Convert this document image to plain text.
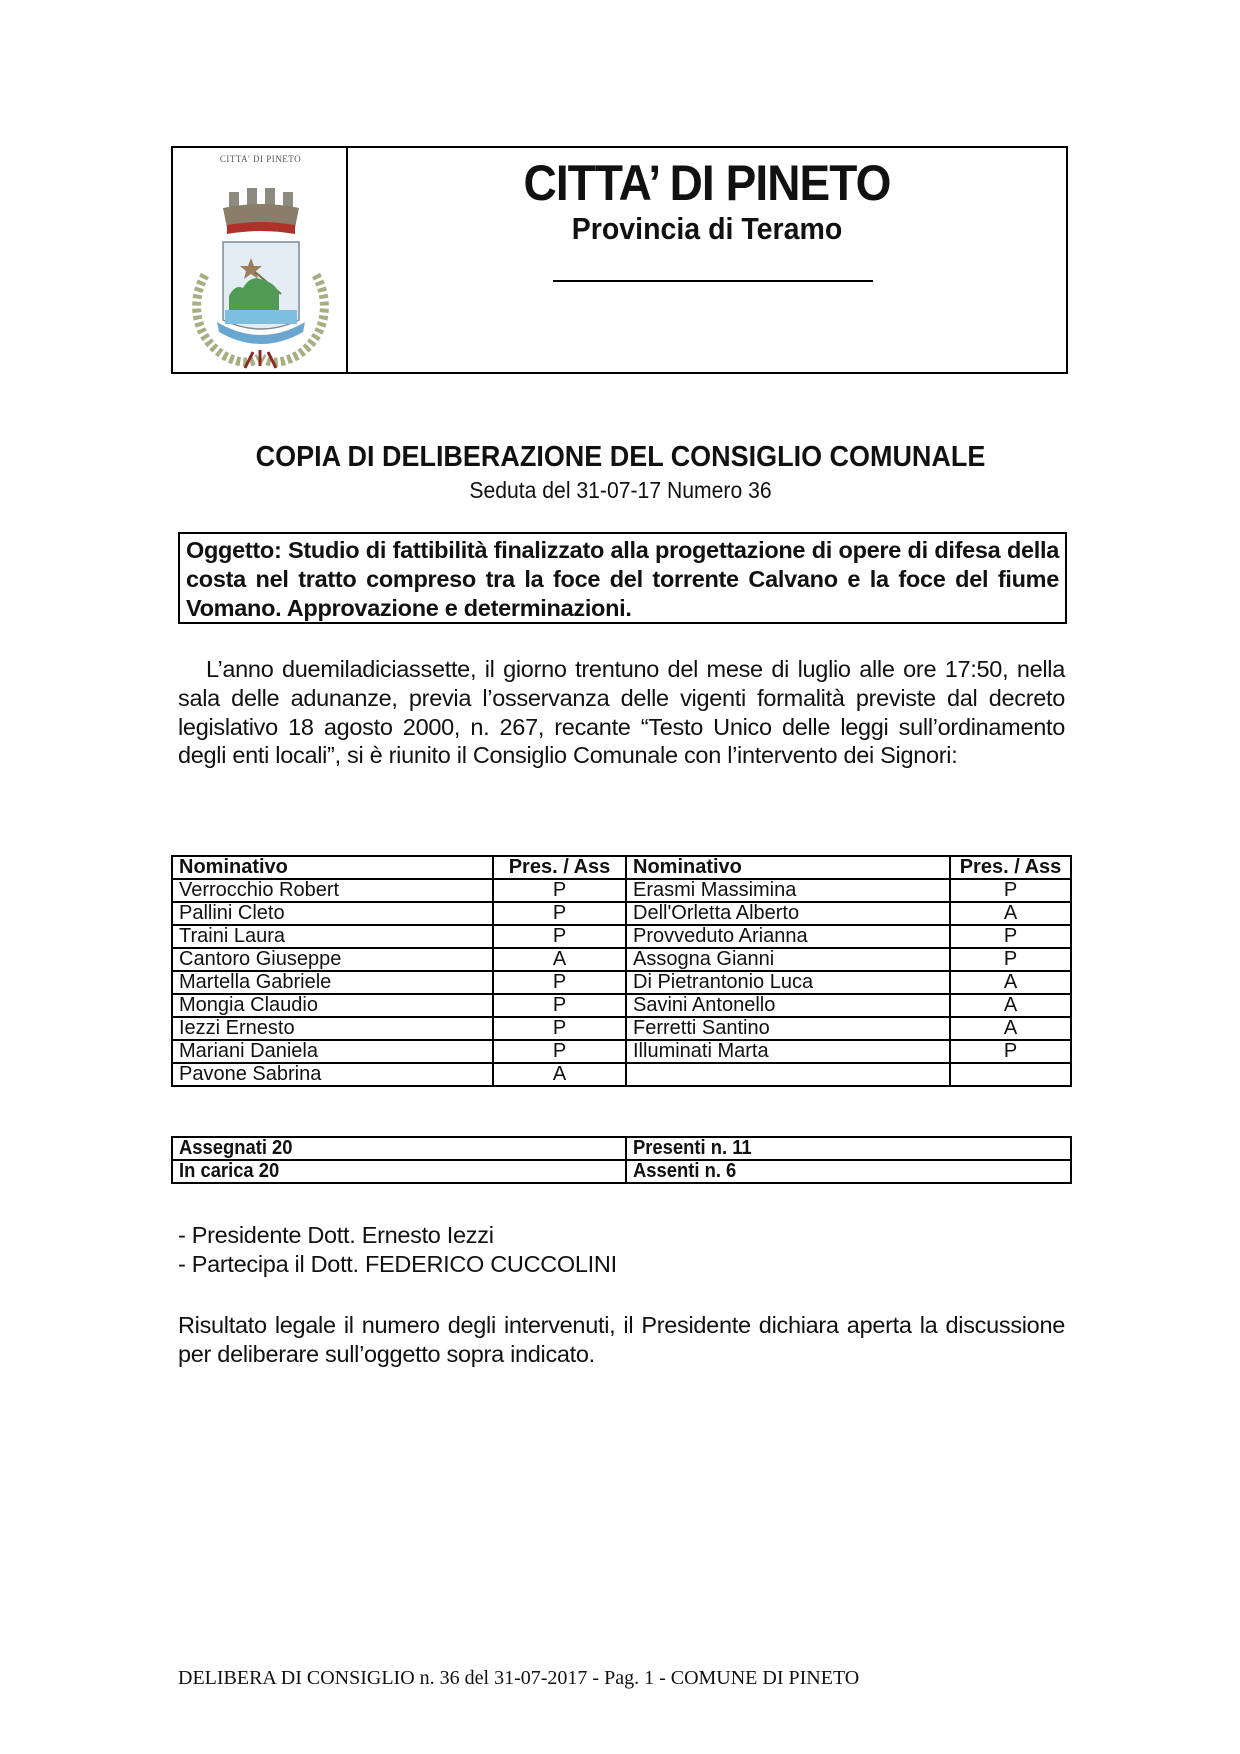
CITTA' DI PINETO	CITTA’ DI PINETO
Provincia di Teramo
COPIA DI DELIBERAZIONE DEL CONSIGLIO COMUNALE
Seduta del 31-07-17 Numero 36
Oggetto: Studio di fattibilità finalizzato alla progettazione di opere di difesa della costa nel tratto compreso tra la foce del torrente Calvano e la foce del fiume Vomano. Approvazione e determinazioni.
L’anno duemiladiciassette, il giorno trentuno del mese di luglio alle ore 17:50, nella sala delle adunanze, previa l’osservanza delle vigenti formalità previste dal decreto legislativo 18 agosto 2000, n. 267, recante “Testo Unico delle leggi sull’ordinamento degli enti locali”, si è riunito il Consiglio Comunale con l’intervento dei Signori:
Nominativo	Pres. / Ass	Nominativo	Pres. / Ass
Verrocchio Robert	P	Erasmi Massimina	P
Pallini Cleto	P	Dell'Orletta Alberto	A
Traini Laura	P	Provveduto Arianna	P
Cantoro Giuseppe	A	Assogna Gianni	P
Martella Gabriele	P	Di Pietrantonio Luca	A
Mongia Claudio	P	Savini Antonello	A
Iezzi Ernesto	P	Ferretti Santino	A
Mariani Daniela	P	Illuminati Marta	P
Pavone Sabrina	A		
Assegnati 20	Presenti n. 11
In carica 20	Assenti n. 6
- Presidente Dott. Ernesto Iezzi
- Partecipa il Dott. FEDERICO CUCCOLINI
Risultato legale il numero degli intervenuti, il Presidente dichiara aperta la discussione per deliberare sull’oggetto sopra indicato.
DELIBERA DI CONSIGLIO n. 36 del 31-07-2017 - Pag. 1 - COMUNE DI PINETO
